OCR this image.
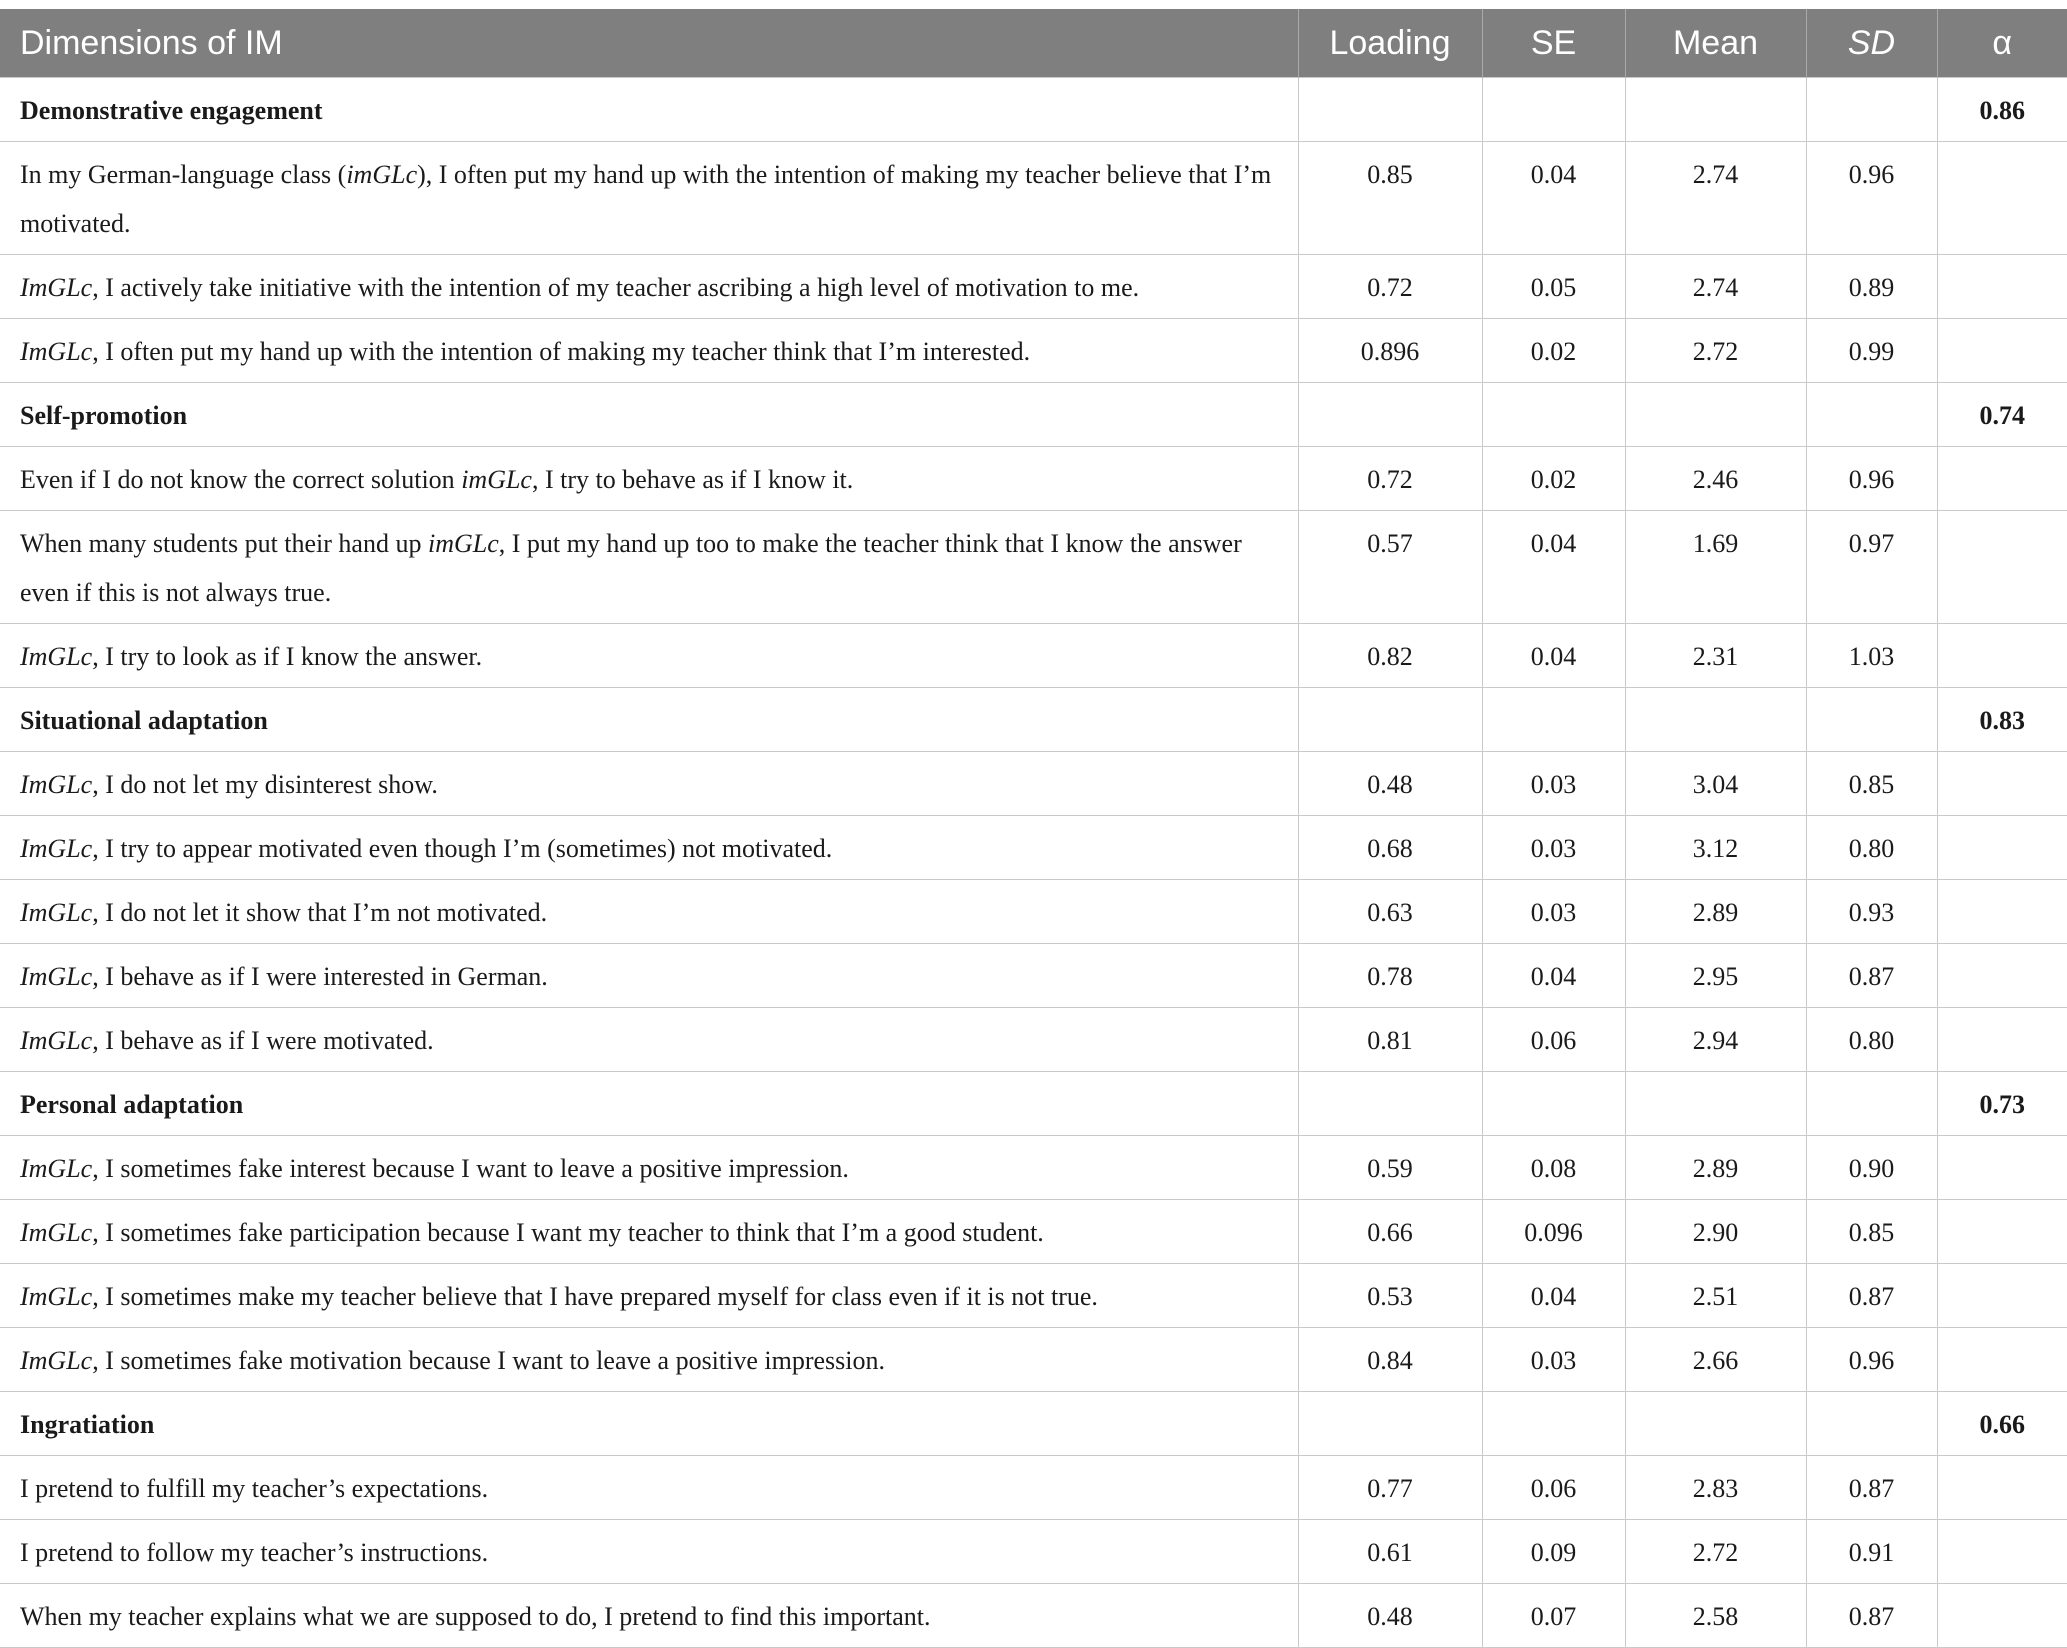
Dimensions of IM	Loading	SE	Mean	SD	α
Demonstrative engagement					0.86
In my German-language class (imGLc), I often put my hand up with the intention of making my teacher believe that I’m motivated.	0.85	0.04	2.74	0.96	
ImGLc, I actively take initiative with the intention of my teacher ascribing a high level of motivation to me.	0.72	0.05	2.74	0.89	
ImGLc, I often put my hand up with the intention of making my teacher think that I’m interested.	0.896	0.02	2.72	0.99	
Self-promotion					0.74
Even if I do not know the correct solution imGLc, I try to behave as if I know it.	0.72	0.02	2.46	0.96	
When many students put their hand up imGLc, I put my hand up too to make the teacher think that I know the answer even if this is not always true.	0.57	0.04	1.69	0.97	
ImGLc, I try to look as if I know the answer.	0.82	0.04	2.31	1.03	
Situational adaptation					0.83
ImGLc, I do not let my disinterest show.	0.48	0.03	3.04	0.85	
ImGLc, I try to appear motivated even though I’m (sometimes) not motivated.	0.68	0.03	3.12	0.80	
ImGLc, I do not let it show that I’m not motivated.	0.63	0.03	2.89	0.93	
ImGLc, I behave as if I were interested in German.	0.78	0.04	2.95	0.87	
ImGLc, I behave as if I were motivated.	0.81	0.06	2.94	0.80	
Personal adaptation					0.73
ImGLc, I sometimes fake interest because I want to leave a positive impression.	0.59	0.08	2.89	0.90	
ImGLc, I sometimes fake participation because I want my teacher to think that I’m a good student.	0.66	0.096	2.90	0.85	
ImGLc, I sometimes make my teacher believe that I have prepared myself for class even if it is not true.	0.53	0.04	2.51	0.87	
ImGLc, I sometimes fake motivation because I want to leave a positive impression.	0.84	0.03	2.66	0.96	
Ingratiation					0.66
I pretend to fulfill my teacher’s expectations.	0.77	0.06	2.83	0.87	
I pretend to follow my teacher’s instructions.	0.61	0.09	2.72	0.91	
When my teacher explains what we are supposed to do, I pretend to find this important.	0.48	0.07	2.58	0.87	
